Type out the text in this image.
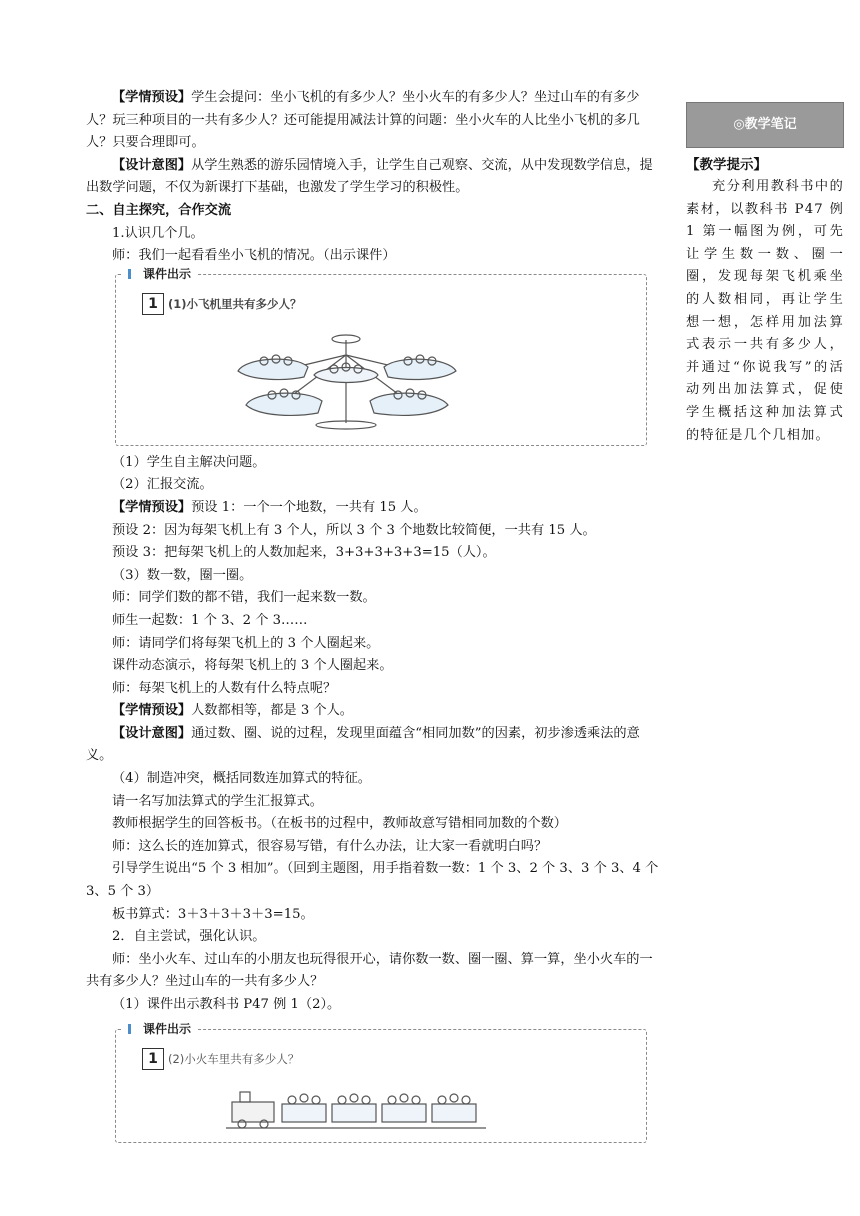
【学情预设】学生会提问：坐小飞机的有多少人？坐小火车的有多少人？坐过山车的有多少人？玩三种项目的一共有多少人？还可能提用减法计算的问题：坐小火车的人比坐小飞机的多几人？只要合理即可。

【设计意图】从学生熟悉的游乐园情境入手，让学生自己观察、交流，从中发现数学信息，提出数学问题，不仅为新课打下基础，也激发了学生学习的积极性。

二、自主探究，合作交流

1.认识几个几。

师：我们一起看看坐小飞机的情况。（出示课件）

课件出示
1 (1)小飞机里共有多少人？

（1）学生自主解决问题。

（2）汇报交流。

【学情预设】预设 1：一个一个地数，一共有 15 人。

预设 2：因为每架飞机上有 3 个人，所以 3 个 3 个地数比较简便，一共有 15 人。

预设 3：把每架飞机上的人数加起来，3+3+3+3+3=15（人）。

（3）数一数，圈一圈。

师：同学们数的都不错，我们一起来数一数。

师生一起数：1 个 3、2 个 3……

师：请同学们将每架飞机上的 3 个人圈起来。

课件动态演示，将每架飞机上的 3 个人圈起来。

师：每架飞机上的人数有什么特点呢？

【学情预设】人数都相等，都是 3 个人。

【设计意图】通过数、圈、说的过程，发现里面蕴含“相同加数”的因素，初步渗透乘法的意义。

（4）制造冲突，概括同数连加算式的特征。

请一名写加法算式的学生汇报算式。

教师根据学生的回答板书。（在板书的过程中，教师故意写错相同加数的个数）

师：这么长的连加算式，很容易写错，有什么办法，让大家一看就明白吗？

引导学生说出“5 个 3 相加”。（回到主题图，用手指着数一数：1 个 3、2 个 3、3 个 3、4 个 3、5 个 3）

板书算式：3＋3＋3＋3＋3=15。

2．自主尝试，强化认识。

师：坐小火车、过山车的小朋友也玩得很开心，请你数一数、圈一圈、算一算，坐小火车的一共有多少人？坐过山车的一共有多少人？

（1）课件出示教科书 P47 例 1（2）。

课件出示
1 (2)小火车里共有多少人？
◎教学笔记
【教学提示】

充分利用教科书中的素材，以教科书 P47 例 1 第一幅图为例，可先让学生数一数、圈一圈，发现每架飞机乘坐的人数相同，再让学生想一想，怎样用加法算式表示一共有多少人，并通过“你说我写”的活动列出加法算式，促使学生概括这种加法算式的特征是几个几相加。
